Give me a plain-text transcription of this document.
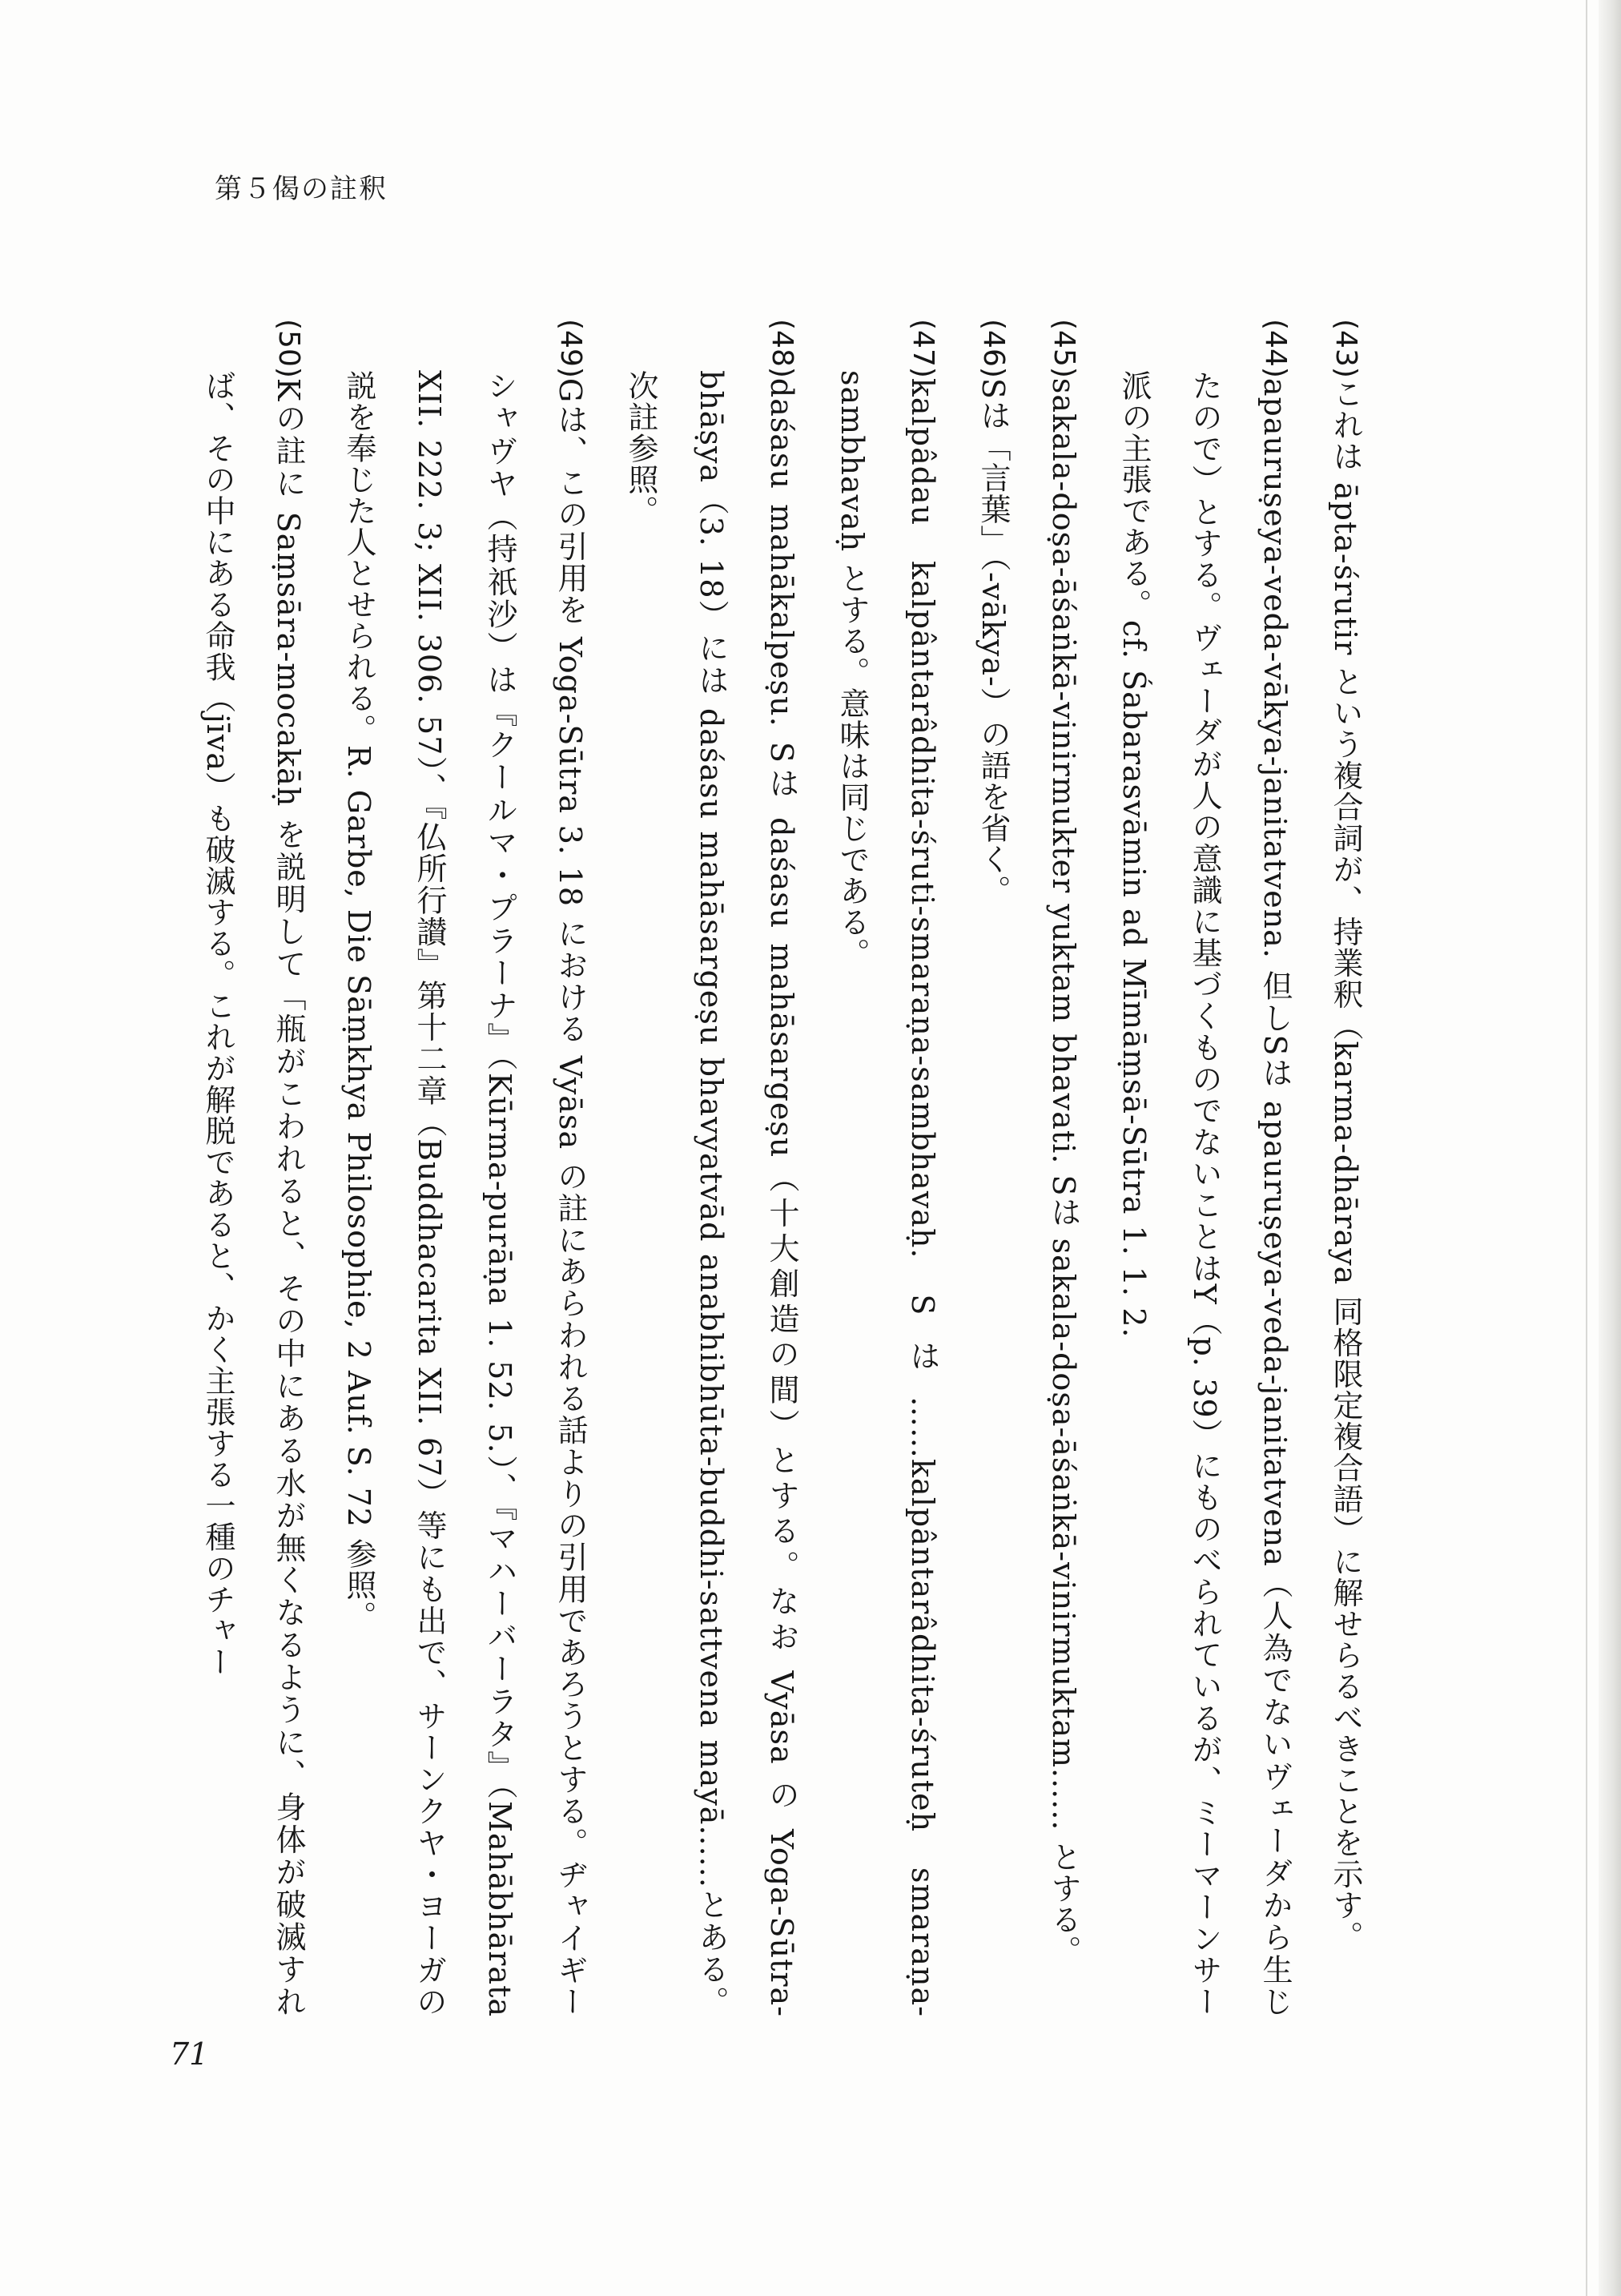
第５偈の註釈

(43)これは āpta-śrutir という複合詞が、持業釈（karma-dhāraya 同格限定複合語）に解せらるべきことを示す。

(44)apauruṣeya-veda-vākya-janitatvena. 但しSは apauruṣeya-veda-janitatvena（人為でないヴェーダから生じたので）とする。ヴェーダが人の意識に基づくものでないことはY（p. 39）にものべられているが、ミーマーンサー派の主張である。cf. Śabarasvāmin ad Mīmāṃsā-Sūtra 1. 1. 2.

(45)sakala-doṣa-āśaṅkā-vinirmukter yuktam bhavati. Sは sakala-doṣa-āśaṅkā-vinirmuktam...... とする。

(46)Sは「言葉」（-vākya-）の語を省く。

(47)kalpâdau kalpântarâdhita-śruti-smaraṇa-sambhavaḥ. Sは……kalpântarâdhita-śruteḥ smaraṇa-sambhavaḥ とする。意味は同じである。

(48)daśasu mahākalpeṣu. Sは daśasu mahāsargeṣu（十大創造の間）とする。なお Vyāsa の Yoga-Sūtra-bhāṣya（3. 18）には daśasu mahāsargeṣu bhavyatvād anabhibhūta-buddhi-sattvena mayā......とある。次註参照。

(49)Gは、この引用を Yoga-Sūtra 3. 18 における Vyāsa の註にあらわれる話よりの引用であろうとする。ヂャイギーシャヴヤ（持祇沙）は『クールマ・プラーナ』（Kūrma-purāṇa 1. 52. 5.）、『マハーバーラタ』（Mahābhārata XII. 222. 3; XII. 306. 57）、『仏所行讃』第十二章（Buddhacarita XII. 67）等にも出で、サーンクヤ・ヨーガの説を奉じた人とせられる。R. Garbe, Die Sāṃkhya Philosophie, 2 Auf. S. 72 参照。

(50)Kの註に Saṃsāra-mocakāḥ を説明して「瓶がこわれると、その中にある水が無くなるように、身体が破滅すれば、その中にある命我（jīva）も破滅する。これが解脱であると、かく主張する一種のチャー

71
